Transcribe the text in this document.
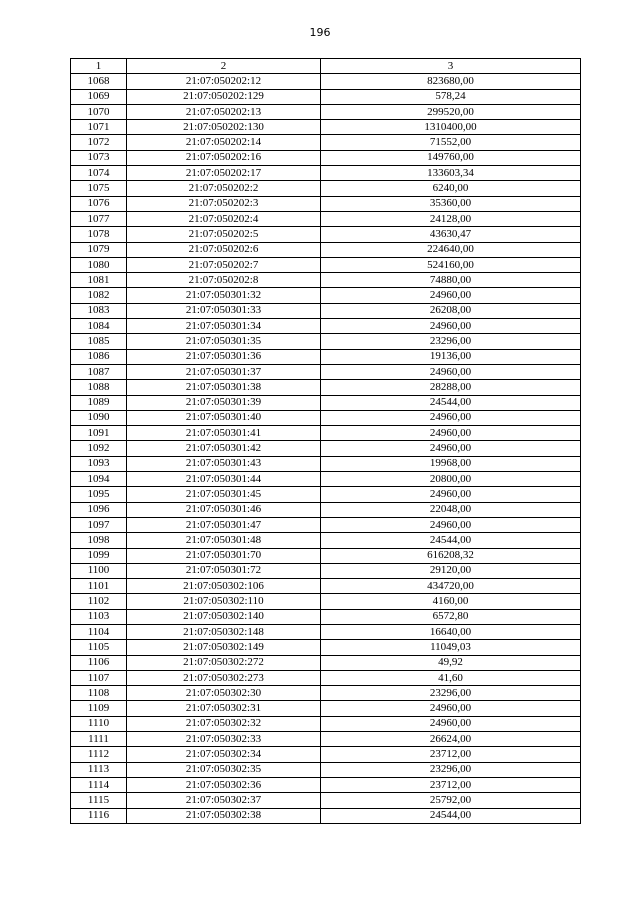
196
1	2	3
1068	21:07:050202:12	823680,00
1069	21:07:050202:129	578,24
1070	21:07:050202:13	299520,00
1071	21:07:050202:130	1310400,00
1072	21:07:050202:14	71552,00
1073	21:07:050202:16	149760,00
1074	21:07:050202:17	133603,34
1075	21:07:050202:2	6240,00
1076	21:07:050202:3	35360,00
1077	21:07:050202:4	24128,00
1078	21:07:050202:5	43630,47
1079	21:07:050202:6	224640,00
1080	21:07:050202:7	524160,00
1081	21:07:050202:8	74880,00
1082	21:07:050301:32	24960,00
1083	21:07:050301:33	26208,00
1084	21:07:050301:34	24960,00
1085	21:07:050301:35	23296,00
1086	21:07:050301:36	19136,00
1087	21:07:050301:37	24960,00
1088	21:07:050301:38	28288,00
1089	21:07:050301:39	24544,00
1090	21:07:050301:40	24960,00
1091	21:07:050301:41	24960,00
1092	21:07:050301:42	24960,00
1093	21:07:050301:43	19968,00
1094	21:07:050301:44	20800,00
1095	21:07:050301:45	24960,00
1096	21:07:050301:46	22048,00
1097	21:07:050301:47	24960,00
1098	21:07:050301:48	24544,00
1099	21:07:050301:70	616208,32
1100	21:07:050301:72	29120,00
1101	21:07:050302:106	434720,00
1102	21:07:050302:110	4160,00
1103	21:07:050302:140	6572,80
1104	21:07:050302:148	16640,00
1105	21:07:050302:149	11049,03
1106	21:07:050302:272	49,92
1107	21:07:050302:273	41,60
1108	21:07:050302:30	23296,00
1109	21:07:050302:31	24960,00
1110	21:07:050302:32	24960,00
1111	21:07:050302:33	26624,00
1112	21:07:050302:34	23712,00
1113	21:07:050302:35	23296,00
1114	21:07:050302:36	23712,00
1115	21:07:050302:37	25792,00
1116	21:07:050302:38	24544,00
